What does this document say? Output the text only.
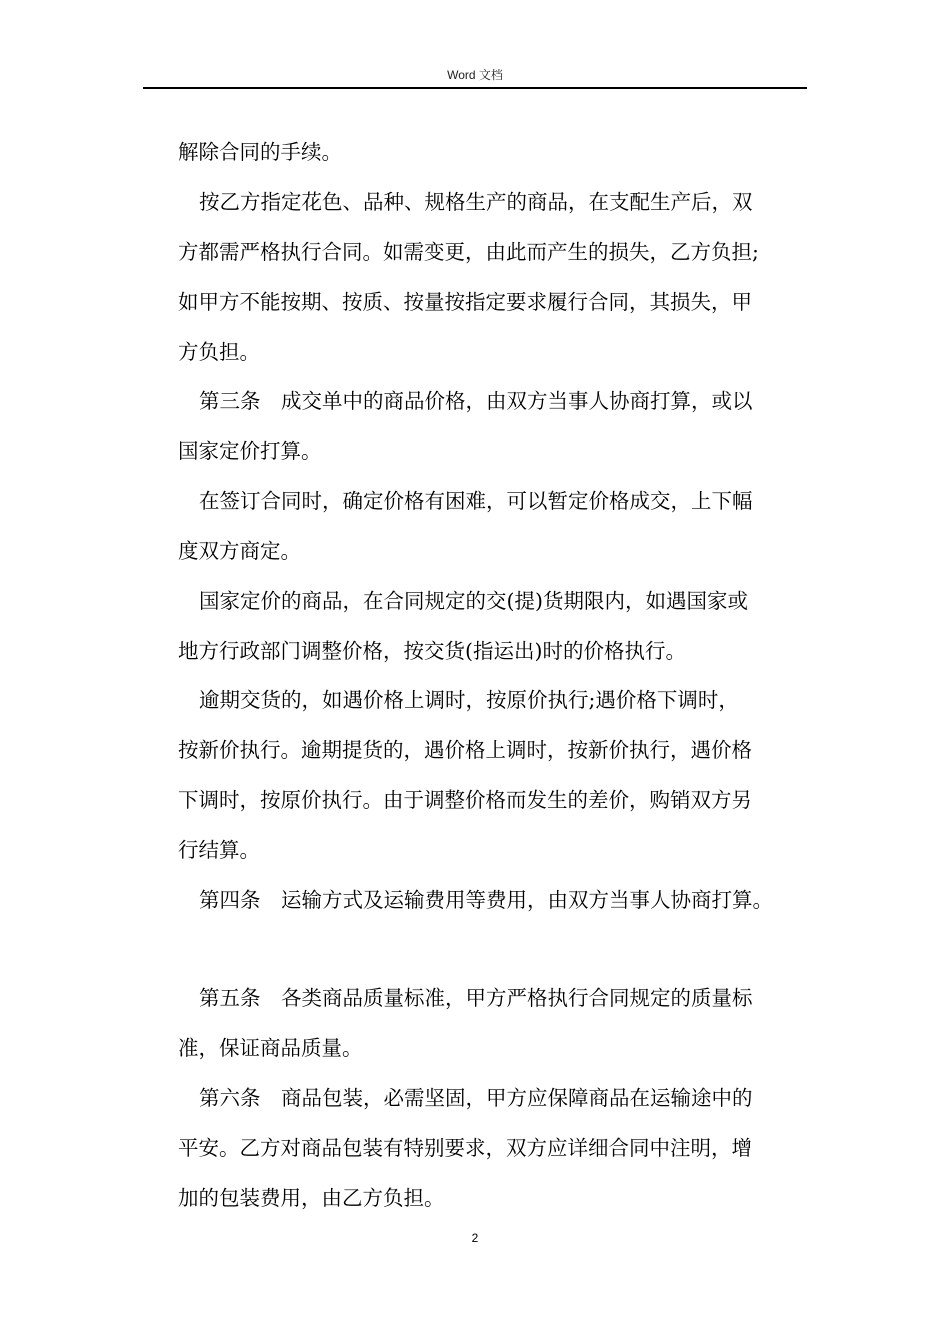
Word 文档
解除合同的手续。
按乙方指定花色、品种、规格生产的商品，在支配生产后，双
方都需严格执行合同。如需变更，由此而产生的损失，乙方负担;
如甲方不能按期、按质、按量按指定要求履行合同，其损失，甲
方负担。
第三条　成交单中的商品价格，由双方当事人协商打算，或以
国家定价打算。
在签订合同时，确定价格有困难，可以暂定价格成交，上下幅
度双方商定。
国家定价的商品，在合同规定的交(提)货期限内，如遇国家或
地方行政部门调整价格，按交货(指运出)时的价格执行。
逾期交货的，如遇价格上调时，按原价执行;遇价格下调时，
按新价执行。逾期提货的，遇价格上调时，按新价执行，遇价格
下调时，按原价执行。由于调整价格而发生的差价，购销双方另
行结算。
第四条　运输方式及运输费用等费用，由双方当事人协商打算。
第五条　各类商品质量标准，甲方严格执行合同规定的质量标
准，保证商品质量。
第六条　商品包装，必需坚固，甲方应保障商品在运输途中的
平安。乙方对商品包装有特别要求，双方应详细合同中注明，增
加的包装费用，由乙方负担。
2
